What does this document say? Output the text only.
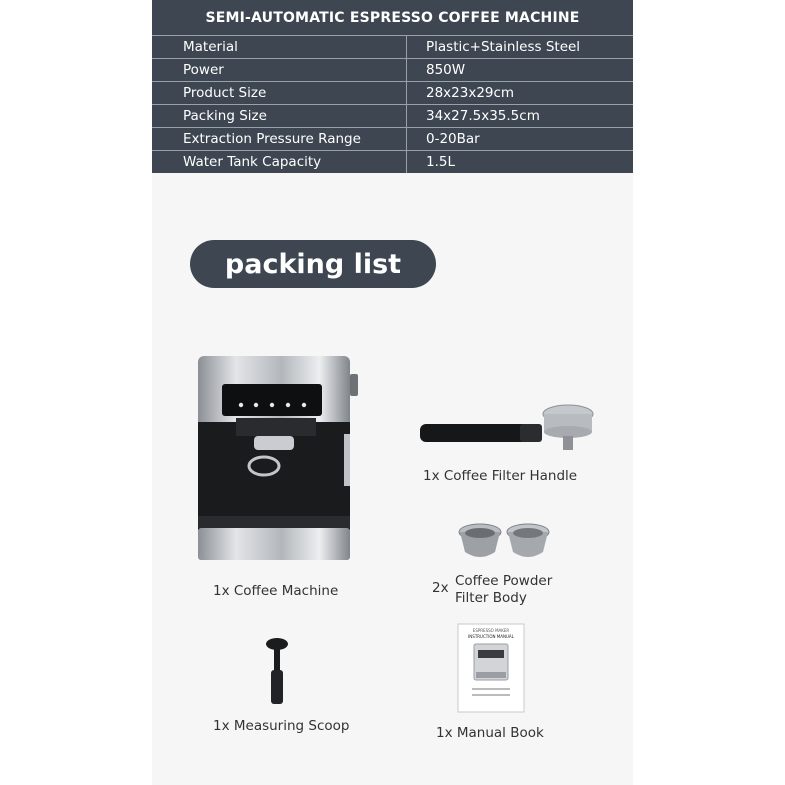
SEMI-AUTOMATIC ESPRESSO COFFEE MACHINE
Material	Plastic+Stainless Steel
Power	850W
Product Size	28x23x29cm
Packing Size	34x27.5x35.5cm
Extraction Pressure Range	0-20Bar
Water Tank Capacity	1.5L
packing list
ESPRESSO MAKER
INSTRUCTION MANUAL
1x Coffee Machine
1x Coffee Filter Handle
2x Coffee Powder
Filter Body
1x Measuring Scoop	1x Manual Book
